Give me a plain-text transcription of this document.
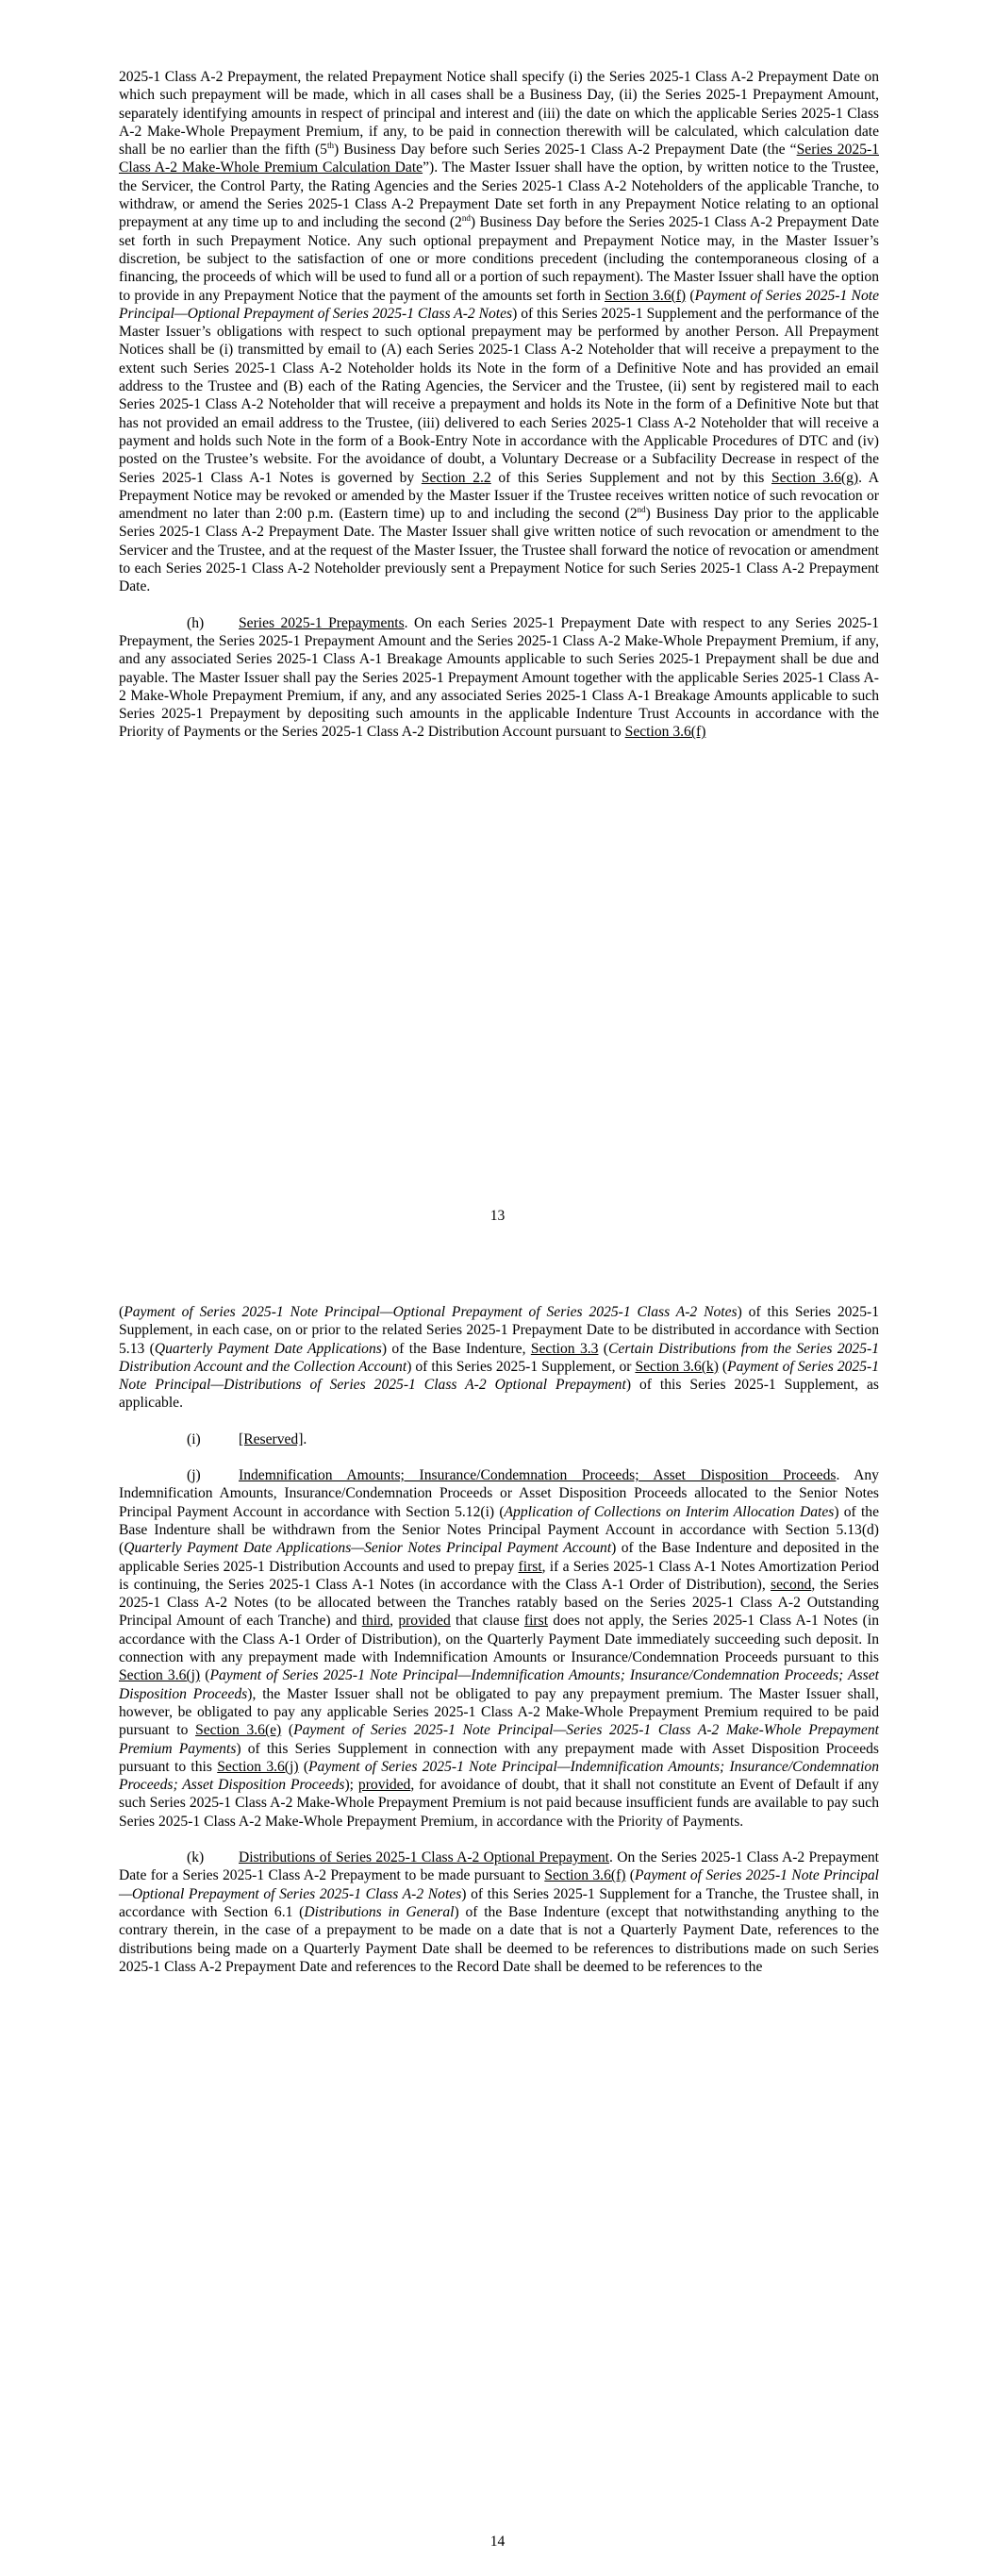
2025-1 Class A-2 Prepayment, the related Prepayment Notice shall specify (i) the Series 2025-1 Class A-2 Prepayment Date on which such prepayment will be made, which in all cases shall be a Business Day, (ii) the Series 2025-1 Prepayment Amount, separately identifying amounts in respect of principal and interest and (iii) the date on which the applicable Series 2025-1 Class A-2 Make-Whole Prepayment Premium, if any, to be paid in connection therewith will be calculated, which calculation date shall be no earlier than the fifth (5th) Business Day before such Series 2025-1 Class A-2 Prepayment Date (the “Series 2025-1 Class A-2 Make-Whole Premium Calculation Date”). The Master Issuer shall have the option, by written notice to the Trustee, the Servicer, the Control Party, the Rating Agencies and the Series 2025-1 Class A-2 Noteholders of the applicable Tranche, to withdraw, or amend the Series 2025-1 Class A-2 Prepayment Date set forth in any Prepayment Notice relating to an optional prepayment at any time up to and including the second (2nd) Business Day before the Series 2025-1 Class A-2 Prepayment Date set forth in such Prepayment Notice. Any such optional prepayment and Prepayment Notice may, in the Master Issuer’s discretion, be subject to the satisfaction of one or more conditions precedent (including the contemporaneous closing of a financing, the proceeds of which will be used to fund all or a portion of such repayment). The Master Issuer shall have the option to provide in any Prepayment Notice that the payment of the amounts set forth in Section 3.6(f) (Payment of Series 2025-1 Note Principal—Optional Prepayment of Series 2025-1 Class A-2 Notes) of this Series 2025-1 Supplement and the performance of the Master Issuer’s obligations with respect to such optional prepayment may be performed by another Person. All Prepayment Notices shall be (i) transmitted by email to (A) each Series 2025-1 Class A-2 Noteholder that will receive a prepayment to the extent such Series 2025-1 Class A-2 Noteholder holds its Note in the form of a Definitive Note and has provided an email address to the Trustee and (B) each of the Rating Agencies, the Servicer and the Trustee, (ii) sent by registered mail to each Series 2025-1 Class A-2 Noteholder that will receive a prepayment and holds its Note in the form of a Definitive Note but that has not provided an email address to the Trustee, (iii) delivered to each Series 2025-1 Class A-2 Noteholder that will receive a payment and holds such Note in the form of a Book-Entry Note in accordance with the Applicable Procedures of DTC and (iv) posted on the Trustee’s website. For the avoidance of doubt, a Voluntary Decrease or a Subfacility Decrease in respect of the Series 2025-1 Class A-1 Notes is governed by Section 2.2 of this Series Supplement and not by this Section 3.6(g). A Prepayment Notice may be revoked or amended by the Master Issuer if the Trustee receives written notice of such revocation or amendment no later than 2:00 p.m. (Eastern time) up to and including the second (2nd) Business Day prior to the applicable Series 2025-1 Class A-2 Prepayment Date. The Master Issuer shall give written notice of such revocation or amendment to the Servicer and the Trustee, and at the request of the Master Issuer, the Trustee shall forward the notice of revocation or amendment to each Series 2025-1 Class A-2 Noteholder previously sent a Prepayment Notice for such Series 2025-1 Class A-2 Prepayment Date.

(h) Series 2025-1 Prepayments. On each Series 2025-1 Prepayment Date with respect to any Series 2025-1 Prepayment, the Series 2025-1 Prepayment Amount and the Series 2025-1 Class A-2 Make-Whole Prepayment Premium, if any, and any associated Series 2025-1 Class A-1 Breakage Amounts applicable to such Series 2025-1 Prepayment shall be due and payable. The Master Issuer shall pay the Series 2025-1 Prepayment Amount together with the applicable Series 2025-1 Class A-2 Make-Whole Prepayment Premium, if any, and any associated Series 2025-1 Class A-1 Breakage Amounts applicable to such Series 2025-1 Prepayment by depositing such amounts in the applicable Indenture Trust Accounts in accordance with the Priority of Payments or the Series 2025-1 Class A-2 Distribution Account pursuant to Section 3.6(f)

13

(Payment of Series 2025-1 Note Principal—Optional Prepayment of Series 2025-1 Class A-2 Notes) of this Series 2025-1 Supplement, in each case, on or prior to the related Series 2025-1 Prepayment Date to be distributed in accordance with Section 5.13 (Quarterly Payment Date Applications) of the Base Indenture, Section 3.3 (Certain Distributions from the Series 2025-1 Distribution Account and the Collection Account) of this Series 2025-1 Supplement, or Section 3.6(k) (Payment of Series 2025-1 Note Principal—Distributions of Series 2025-1 Class A-2 Optional Prepayment) of this Series 2025-1 Supplement, as applicable.

(i)	[Reserved].

(j)	Indemnification Amounts; Insurance/Condemnation Proceeds; Asset Disposition Proceeds. Any Indemnification Amounts, Insurance/Condemnation Proceeds or Asset Disposition Proceeds allocated to the Senior Notes Principal Payment Account in accordance with Section 5.12(i) (Application of Collections on Interim Allocation Dates) of the Base Indenture shall be withdrawn from the Senior Notes Principal Payment Account in accordance with Section 5.13(d) (Quarterly Payment Date Applications—Senior Notes Principal Payment Account) of the Base Indenture and deposited in the applicable Series 2025-1 Distribution Accounts and used to prepay first, if a Series 2025-1 Class A-1 Notes Amortization Period is continuing, the Series 2025-1 Class A-1 Notes (in accordance with the Class A-1 Order of Distribution), second, the Series 2025-1 Class A-2 Notes (to be allocated between the Tranches ratably based on the Series 2025-1 Class A-2 Outstanding Principal Amount of each Tranche) and third, provided that clause first does not apply, the Series 2025-1 Class A-1 Notes (in accordance with the Class A-1 Order of Distribution), on the Quarterly Payment Date immediately succeeding such deposit. In connection with any prepayment made with Indemnification Amounts or Insurance/Condemnation Proceeds pursuant to this Section 3.6(j) (Payment of Series 2025-1 Note Principal—Indemnification Amounts; Insurance/Condemnation Proceeds; Asset Disposition Proceeds), the Master Issuer shall not be obligated to pay any prepayment premium. The Master Issuer shall, however, be obligated to pay any applicable Series 2025-1 Class A-2 Make-Whole Prepayment Premium required to be paid pursuant to Section 3.6(e) (Payment of Series 2025-1 Note Principal—Series 2025-1 Class A-2 Make-Whole Prepayment Premium Payments) of this Series Supplement in connection with any prepayment made with Asset Disposition Proceeds pursuant to this Section 3.6(j) (Payment of Series 2025-1 Note Principal—Indemnification Amounts; Insurance/Condemnation Proceeds; Asset Disposition Proceeds); provided, for avoidance of doubt, that it shall not constitute an Event of Default if any such Series 2025-1 Class A-2 Make-Whole Prepayment Premium is not paid because insufficient funds are available to pay such Series 2025-1 Class A-2 Make-Whole Prepayment Premium, in accordance with the Priority of Payments.

(k) Distributions of Series 2025-1 Class A-2 Optional Prepayment. On the Series 2025-1 Class A-2 Prepayment Date for a Series 2025-1 Class A-2 Prepayment to be made pursuant to Section 3.6(f) (Payment of Series 2025-1 Note Principal—Optional Prepayment of Series 2025-1 Class A-2 Notes) of this Series 2025-1 Supplement for a Tranche, the Trustee shall, in accordance with Section 6.1 (Distributions in General) of the Base Indenture (except that notwithstanding anything to the contrary therein, in the case of a prepayment to be made on a date that is not a Quarterly Payment Date, references to the distributions being made on a Quarterly Payment Date shall be deemed to be references to distributions made on such Series 2025-1 Class A-2 Prepayment Date and references to the Record Date shall be deemed to be references to the

14
